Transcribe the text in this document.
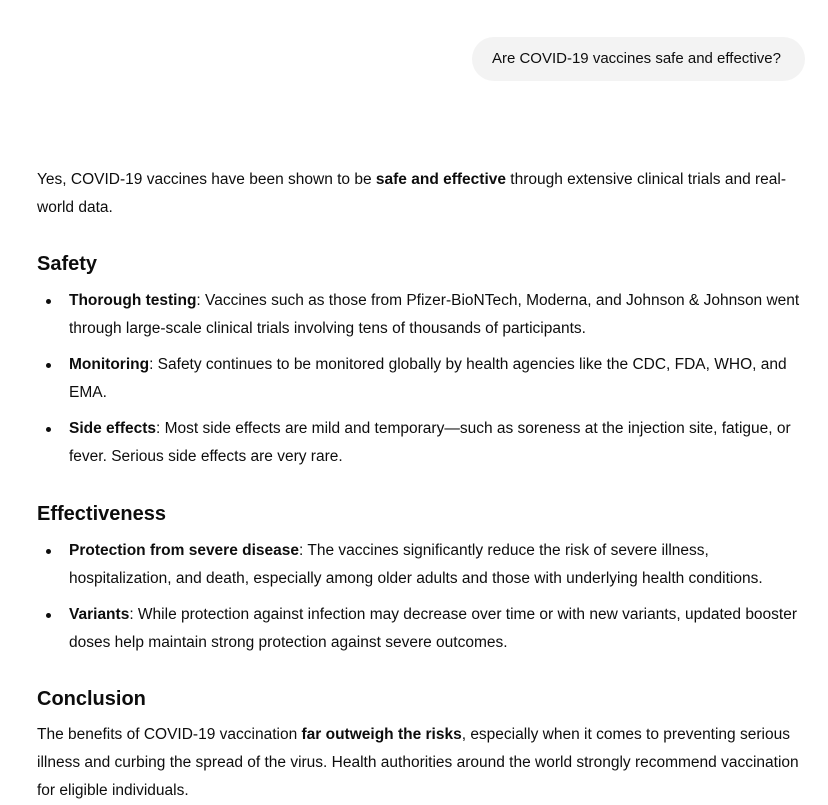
Are COVID-19 vaccines safe and effective?

Yes, COVID-19 vaccines have been shown to be safe and effective through extensive clinical trials and real-world data.

Safety
Thorough testing: Vaccines such as those from Pfizer-BioNTech, Moderna, and Johnson & Johnson went through large-scale clinical trials involving tens of thousands of participants.
Monitoring: Safety continues to be monitored globally by health agencies like the CDC, FDA, WHO, and EMA.
Side effects: Most side effects are mild and temporary—such as soreness at the injection site, fatigue, or fever. Serious side effects are very rare.
Effectiveness
Protection from severe disease: The vaccines significantly reduce the risk of severe illness, hospitalization, and death, especially among older adults and those with underlying health conditions.
Variants: While protection against infection may decrease over time or with new variants, updated booster doses help maintain strong protection against severe outcomes.
Conclusion

The benefits of COVID-19 vaccination far outweigh the risks, especially when it comes to preventing serious illness and curbing the spread of the virus. Health authorities around the world strongly recommend vaccination for eligible individuals.
